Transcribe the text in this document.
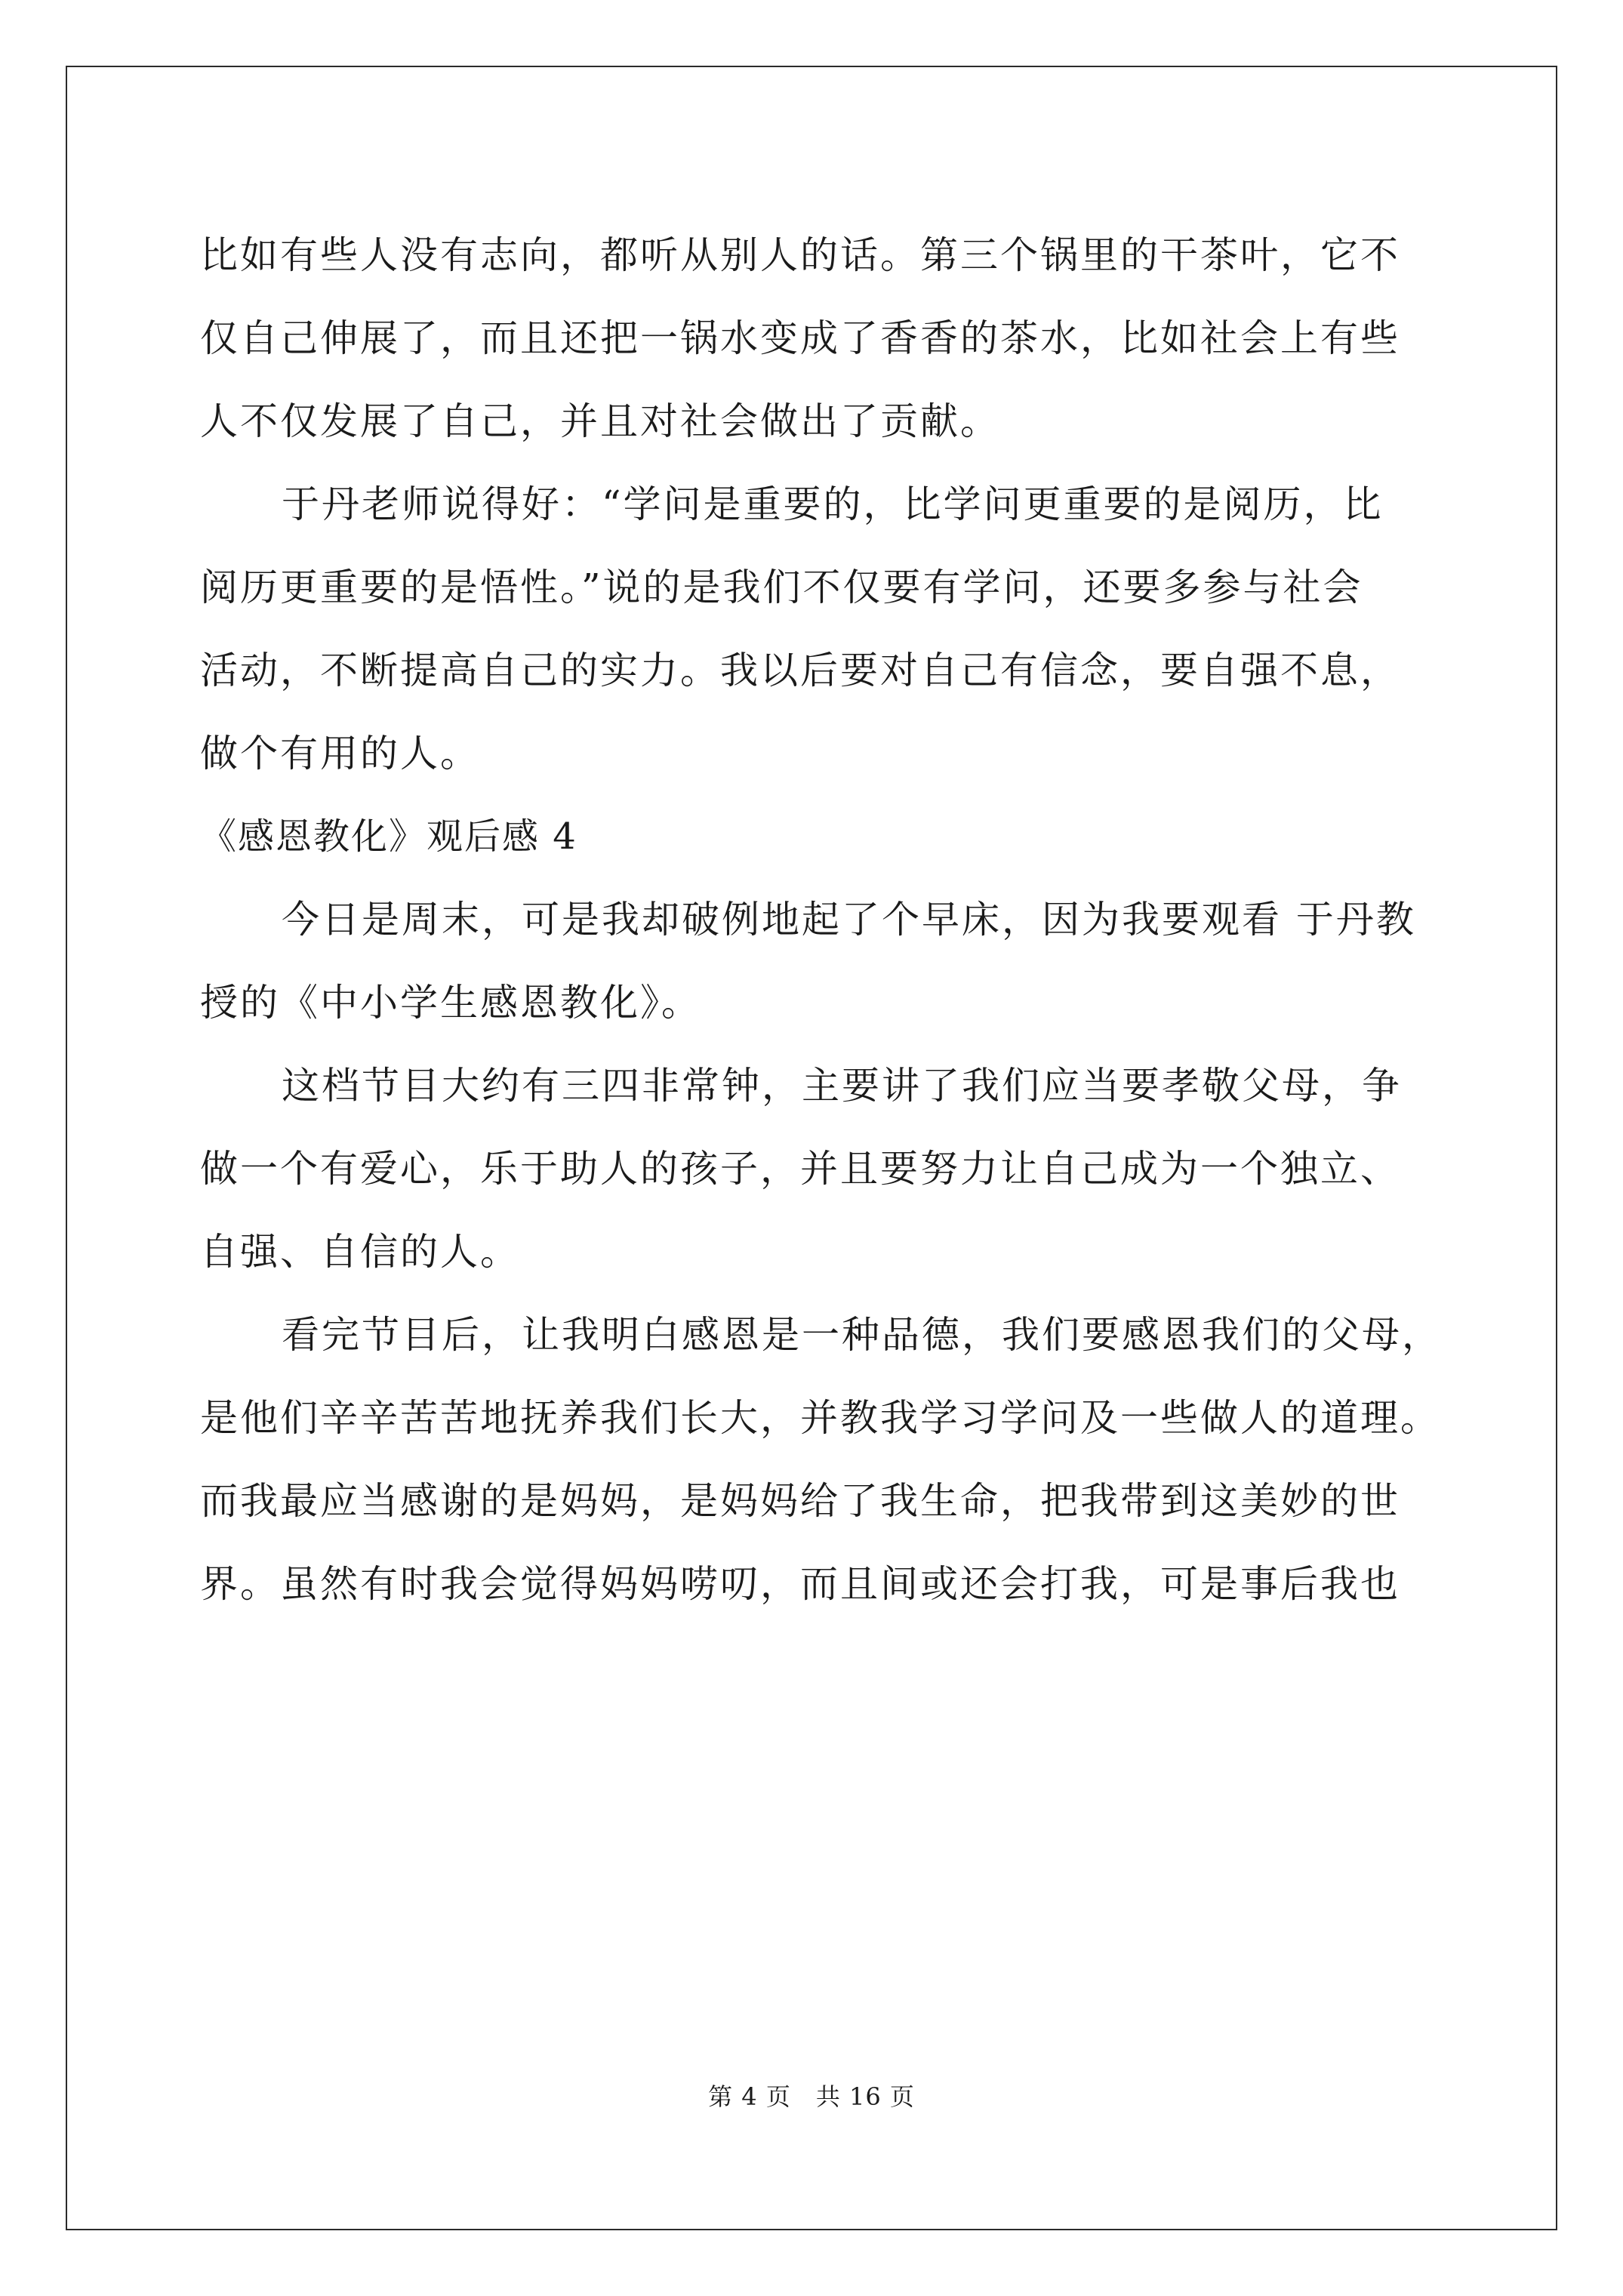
比如有些人没有志向，都听从别人的话。第三个锅里的干茶叶，它不

仅自己伸展了，而且还把一锅水变成了香香的茶水，比如社会上有些

人不仅发展了自己，并且对社会做出了贡献。

于丹老师说得好：“学问是重要的，比学问更重要的是阅历，比

阅历更重要的是悟性。”说的是我们不仅要有学问，还要多参与社会

活动，不断提高自己的实力。我以后要对自己有信念，要自强不息，

做个有用的人。

《感恩教化》观后感 4

今日是周末，可是我却破例地起了个早床，因为我要观看 于丹教

授的《中小学生感恩教化》。

这档节目大约有三四非常钟，主要讲了我们应当要孝敬父母，争

做一个有爱心，乐于助人的孩子，并且要努力让自己成为一个独立、

自强、自信的人。

看完节目后，让我明白感恩是一种品德，我们要感恩我们的父母，

是他们辛辛苦苦地抚养我们长大，并教我学习学问及一些做人的道理。

而我最应当感谢的是妈妈，是妈妈给了我生命，把我带到这美妙的世

界。虽然有时我会觉得妈妈唠叨，而且间或还会打我，可是事后我也

第 4 页　共 16 页
